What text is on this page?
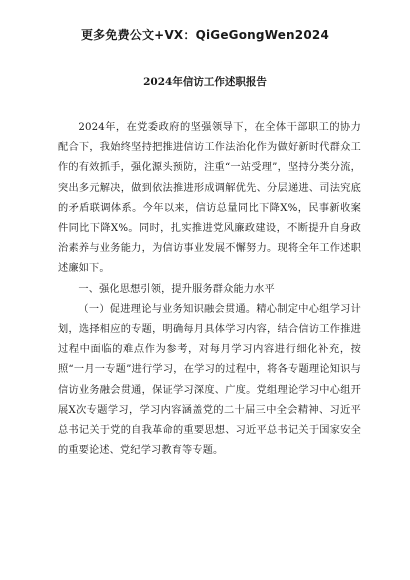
更多免费公文+VX：QiGeGongWen2024
2024年信访工作述职报告

2024年，在党委政府的坚强领导下，在全体干部职工的协力配合下，我始终坚持把推进信访工作法治化作为做好新时代群众工作的有效抓手，强化源头预防，注重“一站受理”，坚持分类分流，突出多元解决，做到依法推进形成调解优先、分层递进、司法究底的矛盾联调体系。今年以来，信访总量同比下降X%，民事新收案件同比下降X%。同时，扎实推进党风廉政建设，不断提升自身政治素养与业务能力，为信访事业发展不懈努力。现将全年工作述职述廉如下。

一、强化思想引领，提升服务群众能力水平

（一）促进理论与业务知识融会贯通。精心制定中心组学习计划，选择相应的专题，明确每月具体学习内容，结合信访工作推进过程中面临的难点作为参考，对每月学习内容进行细化补充，按照“一月一专题”进行学习，在学习的过程中，将各专题理论知识与信访业务融会贯通，保证学习深度、广度。党组理论学习中心组开展X次专题学习，学习内容涵盖党的二十届三中全会精神、习近平总书记关于党的自我革命的重要思想、习近平总书记关于国家安全的重要论述、党纪学习教育等专题。
